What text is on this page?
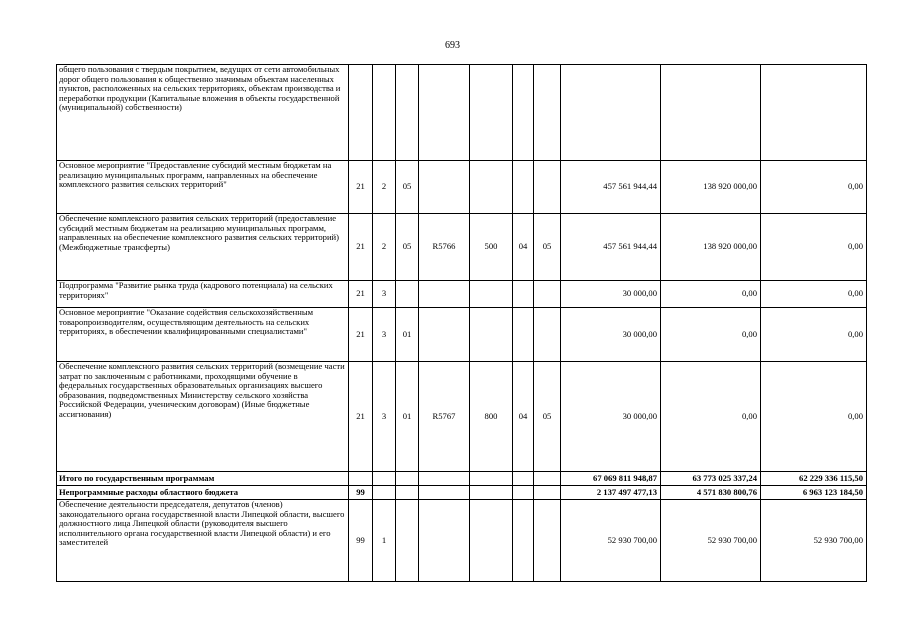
693
общего пользования с твердым покрытием, ведущих от сети автомобильных дорог общего пользования к общественно значимым объектам населенных пунктов, расположенных на сельских территориях, объектам производства и переработки продукции (Капитальные вложения в объекты государственной (муниципальной) собственности)										
Основное мероприятие "Предоставление субсидий местным бюджетам на реализацию муниципальных программ, направленных на обеспечение комплексного развития сельских территорий"	21	2	05					457 561 944,44	138 920 000,00	0,00
Обеспечение комплексного развития сельских территорий (предоставление субсидий местным бюджетам на реализацию муниципальных программ, направленных на обеспечение комплексного развития сельских территорий) (Межбюджетные трансферты)	21	2	05	R5766	500	04	05	457 561 944,44	138 920 000,00	0,00
Подпрограмма "Развитие рынка труда (кадрового потенциала) на сельских территориях"	21	3						30 000,00	0,00	0,00
Основное мероприятие "Оказание содействия сельскохозяйственным товаропроизводителям, осуществляющим деятельность на сельских территориях, в обеспечении квалифицированными специалистами"	21	3	01					30 000,00	0,00	0,00
Обеспечение комплексного развития сельских территорий (возмещение части затрат по заключенным с работниками, проходящими обучение в федеральных государственных образовательных организациях высшего образования, подведомственных Министерству сельского хозяйства Российской Федерации, ученическим договорам) (Иные бюджетные ассигнования)	21	3	01	R5767	800	04	05	30 000,00	0,00	0,00
Итого по государственным программам								67 069 811 948,87	63 773 025 337,24	62 229 336 115,50
Непрограммные расходы областного бюджета	99							2 137 497 477,13	4 571 830 800,76	6 963 123 184,50
Обеспечение деятельности председателя, депутатов (членов) законодательного органа государственной власти Липецкой области, высшего должностного лица Липецкой области (руководителя высшего исполнительного органа государственной власти Липецкой области) и его заместителей	99	1						52 930 700,00	52 930 700,00	52 930 700,00
